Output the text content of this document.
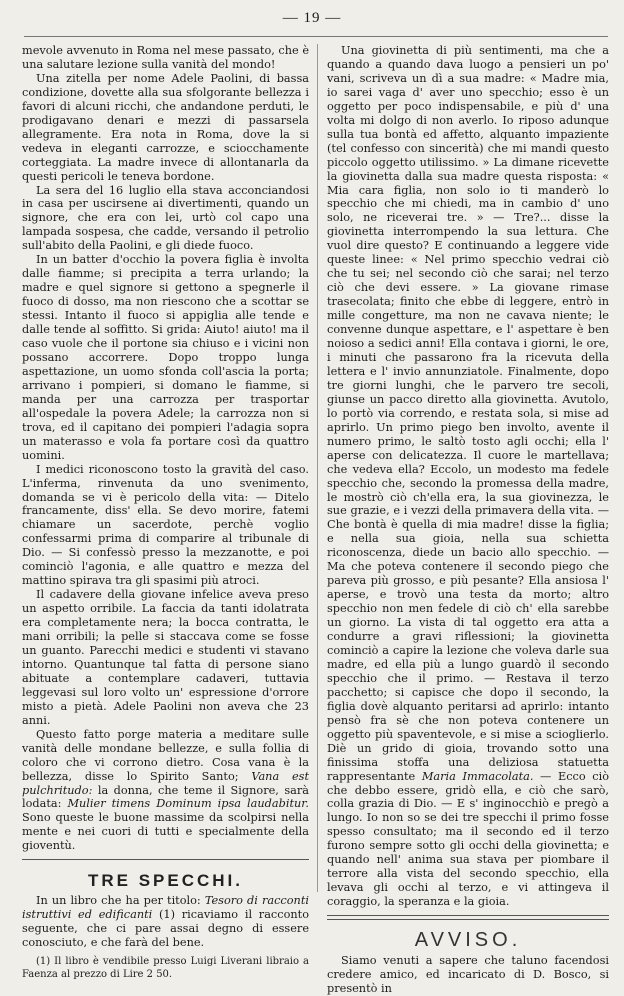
— 19 —

mevole avvenuto in Roma nel mese passato, che è una salutare lezione sulla vanità del mondo!

Una zitella per nome Adele Paolini, di bassa condizione, dovette alla sua sfolgorante bellezza i favori di alcuni ricchi, che andandone perduti, le prodigavano denari e mezzi di passarsela allegramente. Era nota in Roma, dove la si vedeva in eleganti carrozze, e sciocchamente corteggiata. La madre invece di allontanarla da questi pericoli le teneva bordone.

La sera del 16 luglio ella stava acconciandosi in casa per uscirsene ai divertimenti, quando un signore, che era con lei, urtò col capo una lampada sospesa, che cadde, versando il petrolio sull'abito della Paolini, e gli diede fuoco.

In un batter d'occhio la povera figlia è involta dalle fiamme; si precipita a terra urlando; la madre e quel signore si gettono a spegnerle il fuoco di dosso, ma non riescono che a scottar se stessi. Intanto il fuoco si appiglia alle tende e dalle tende al soffitto. Si grida: Aiuto! aiuto! ma il caso vuole che il portone sia chiuso e i vicini non possano accorrere. Dopo troppo lunga aspettazione, un uomo sfonda coll'ascia la porta; arrivano i pompieri, si domano le fiamme, si manda per una carrozza per trasportar all'ospedale la povera Adele; la carrozza non si trova, ed il capitano dei pompieri l'adagia sopra un materasso e vola fa portare così da quattro uomini.

I medici riconoscono tosto la gravità del caso. L'inferma, rinvenuta da uno svenimento, domanda se vi è pericolo della vita: — Ditelo francamente, diss' ella. Se devo morire, fatemi chiamare un sacerdote, perchè voglio confessarmi prima di comparire al tribunale di Dio. — Si confessò presso la mezzanotte, e poi cominciò l'agonia, e alle quattro e mezza del mattino spirava tra gli spasimi più atroci.

Il cadavere della giovane infelice aveva preso un aspetto orribile. La faccia da tanti idolatrata era completamente nera; la bocca contratta, le mani orribili; la pelle si staccava come se fosse un guanto. Parecchi medici e studenti vi stavano intorno. Quantunque tal fatta di persone siano abituate a contemplare cadaveri, tuttavia leggevasi sul loro volto un' espressione d'orrore misto a pietà. Adele Paolini non aveva che 23 anni.

Questo fatto porge materia a meditare sulle vanità delle mondane bellezze, e sulla follia di coloro che vi corrono dietro. Cosa vana è la bellezza, disse lo Spirito Santo; Vana est pulchritudo: la donna, che teme il Signore, sarà lodata: Mulier timens Dominum ipsa laudabitur. Sono queste le buone massime da scolpirsi nella mente e nei cuori di tutti e specialmente della gioventù.

TRE SPECCHI.

In un libro che ha per titolo: Tesoro di racconti istruttivi ed edificanti (1) ricaviamo il racconto seguente, che ci pare assai degno di essere conosciuto, e che farà del bene.

(1) Il libro è vendibile presso Luigi Liverani libraio a Faenza al prezzo di Lire 2 50.

Una giovinetta di più sentimenti, ma che a quando a quando dava luogo a pensieri un po' vani, scriveva un dì a sua madre: « Madre mia, io sarei vaga d' aver uno specchio; esso è un oggetto per poco indispensabile, e più d' una volta mi dolgo di non averlo. Io riposo adunque sulla tua bontà ed affetto, alquanto impaziente (tel confesso con sincerità) che mi mandi questo piccolo oggetto utilissimo. » La dimane ricevette la giovinetta dalla sua madre questa risposta: « Mia cara figlia, non solo io ti manderò lo specchio che mi chiedi, ma in cambio d' uno solo, ne riceverai tre. » — Tre?... disse la giovinetta interrompendo la sua lettura. Che vuol dire questo? E continuando a leggere vide queste linee: « Nel primo specchio vedrai ciò che tu sei; nel secondo ciò che sarai; nel terzo ciò che devi essere. » La giovane rimase trasecolata; finito che ebbe di leggere, entrò in mille congetture, ma non ne cavava niente; le convenne dunque aspettare, e l' aspettare è ben noioso a sedici anni! Ella contava i giorni, le ore, i minuti che passarono fra la ricevuta della lettera e l' invio annunziatole. Finalmente, dopo tre giorni lunghi, che le parvero tre secoli, giunse un pacco diretto alla giovinetta. Avutolo, lo portò via correndo, e restata sola, si mise ad aprirlo. Un primo piego ben involto, avente il numero primo, le saltò tosto agli occhi; ella l' aperse con delicatezza. Il cuore le martellava; che vedeva ella? Eccolo, un modesto ma fedele specchio che, secondo la promessa della madre, le mostrò ciò ch'ella era, la sua giovinezza, le sue grazie, e i vezzi della primavera della vita. — Che bontà è quella di mia madre! disse la figlia; e nella sua gioia, nella sua schietta riconoscenza, diede un bacio allo specchio. — Ma che poteva contenere il secondo piego che pareva più grosso, e più pesante? Ella ansiosa l' aperse, e trovò una testa da morto; altro specchio non men fedele di ciò ch' ella sarebbe un giorno. La vista di tal oggetto era atta a condurre a gravi riflessioni; la giovinetta cominciò a capire la lezione che voleva darle sua madre, ed ella più a lungo guardò il secondo specchio che il primo. — Restava il terzo pacchetto; si capisce che dopo il secondo, la figlia dovè alquanto peritarsi ad aprirlo: intanto pensò fra sè che non poteva contenere un oggetto più spaventevole, e si mise a scioglierlo. Diè un grido di gioia, trovando sotto una finissima stoffa una deliziosa statuetta rappresentante Maria Immacolata. — Ecco ciò che debbo essere, gridò ella, e ciò che sarò, colla grazia di Dio. — E s' inginocchiò e pregò a lungo. Io non so se dei tre specchi il primo fosse spesso consultato; ma il secondo ed il terzo furono sempre sotto gli occhi della giovinetta; e quando nell' anima sua stava per piombare il terrore alla vista del secondo specchio, ella levava gli occhi al terzo, e vi attingeva il coraggio, la speranza e la gioia.

AVVISO.

Siamo venuti a sapere che taluno facendosi credere amico, ed incaricato di D. Bosco, si presentò in
